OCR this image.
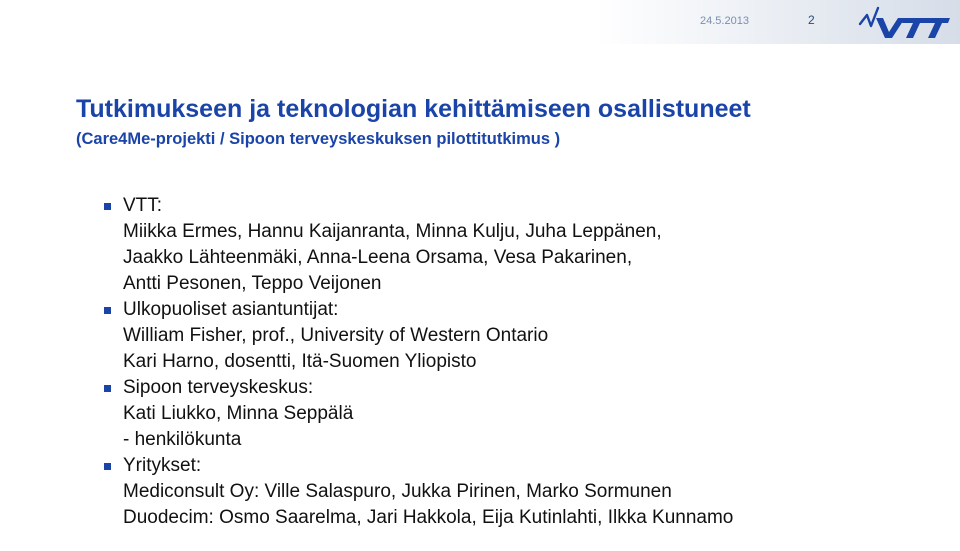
24.5.2013	2
Tutkimukseen ja teknologian kehittämiseen osallistuneet
(Care4Me-projekti / Sipoon terveyskeskuksen pilottitutkimus )
VTT:
Miikka Ermes, Hannu Kaijanranta, Minna Kulju, Juha Leppänen,
Jaakko Lähteenmäki, Anna-Leena Orsama, Vesa Pakarinen,
Antti Pesonen, Teppo Veijonen
Ulkopuoliset asiantuntijat:
William Fisher, prof., University of Western Ontario
Kari Harno, dosentti, Itä-Suomen Yliopisto
Sipoon terveyskeskus:
Kati Liukko, Minna Seppälä
- henkilökunta
Yritykset:
Mediconsult Oy: Ville Salaspuro, Jukka Pirinen, Marko Sormunen
Duodecim: Osmo Saarelma, Jari Hakkola, Eija Kutinlahti, Ilkka Kunnamo
